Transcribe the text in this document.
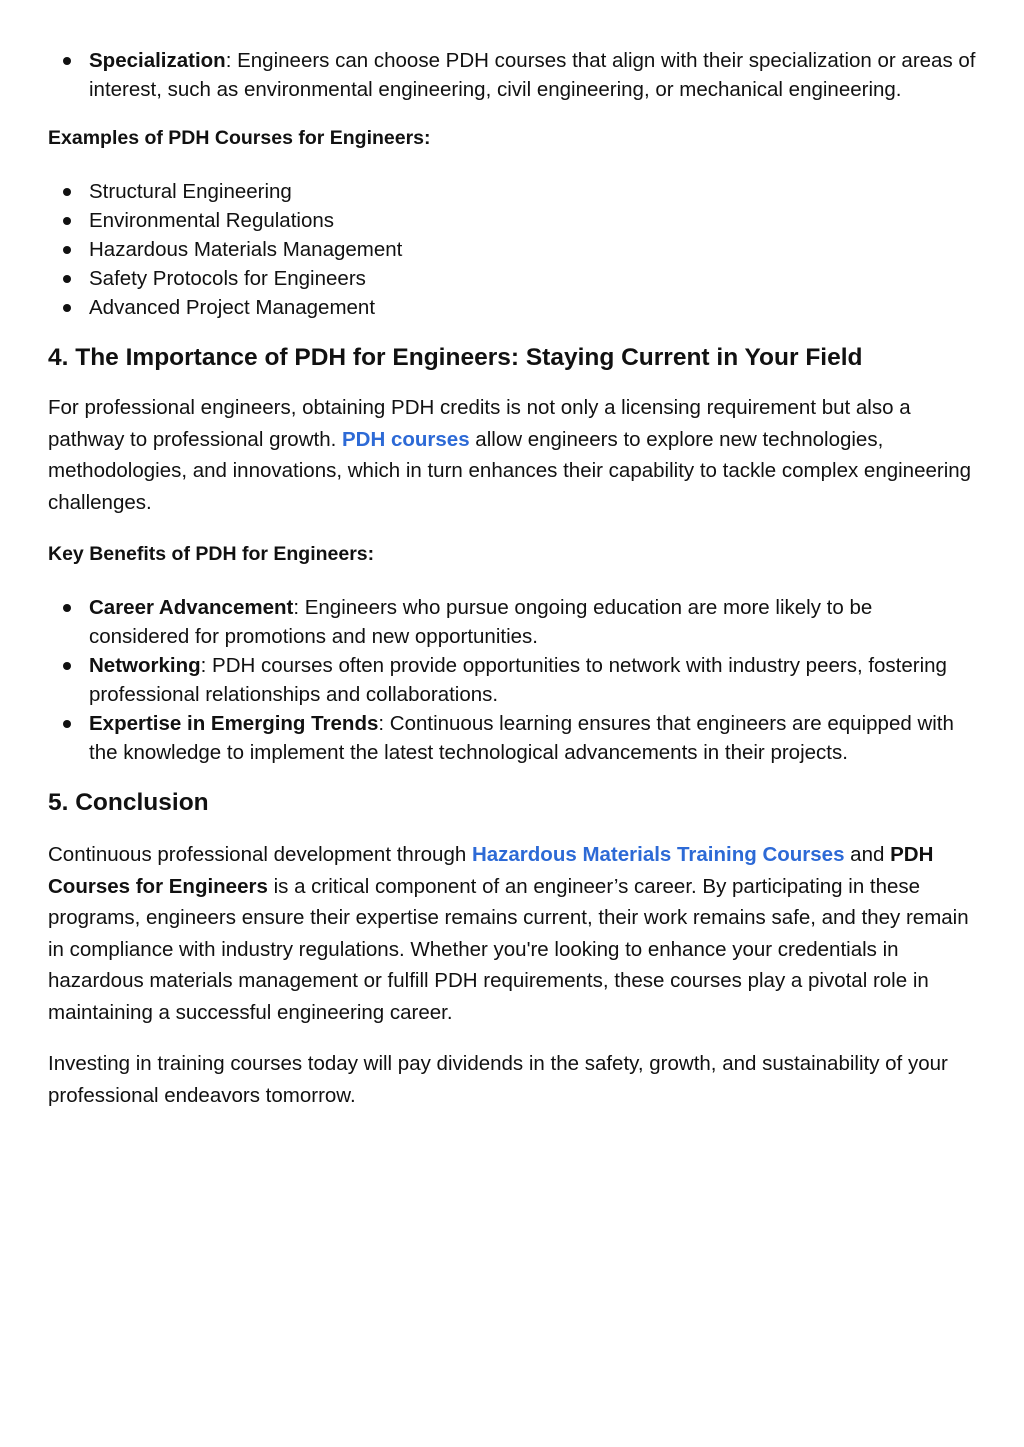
Specialization: Engineers can choose PDH courses that align with their specialization or areas of interest, such as environmental engineering, civil engineering, or mechanical engineering.
Examples of PDH Courses for Engineers:
Structural Engineering
Environmental Regulations
Hazardous Materials Management
Safety Protocols for Engineers
Advanced Project Management
4. The Importance of PDH for Engineers: Staying Current in Your Field

For professional engineers, obtaining PDH credits is not only a licensing requirement but also a pathway to professional growth. PDH courses allow engineers to explore new technologies, methodologies, and innovations, which in turn enhances their capability to tackle complex engineering challenges.

Key Benefits of PDH for Engineers:
Career Advancement: Engineers who pursue ongoing education are more likely to be considered for promotions and new opportunities.
Networking: PDH courses often provide opportunities to network with industry peers, fostering professional relationships and collaborations.
Expertise in Emerging Trends: Continuous learning ensures that engineers are equipped with the knowledge to implement the latest technological advancements in their projects.
5. Conclusion

Continuous professional development through Hazardous Materials Training Courses and PDH Courses for Engineers is a critical component of an engineer’s career. By participating in these programs, engineers ensure their expertise remains current, their work remains safe, and they remain in compliance with industry regulations. Whether you're looking to enhance your credentials in hazardous materials management or fulfill PDH requirements, these courses play a pivotal role in maintaining a successful engineering career.

Investing in training courses today will pay dividends in the safety, growth, and sustainability of your professional endeavors tomorrow.
